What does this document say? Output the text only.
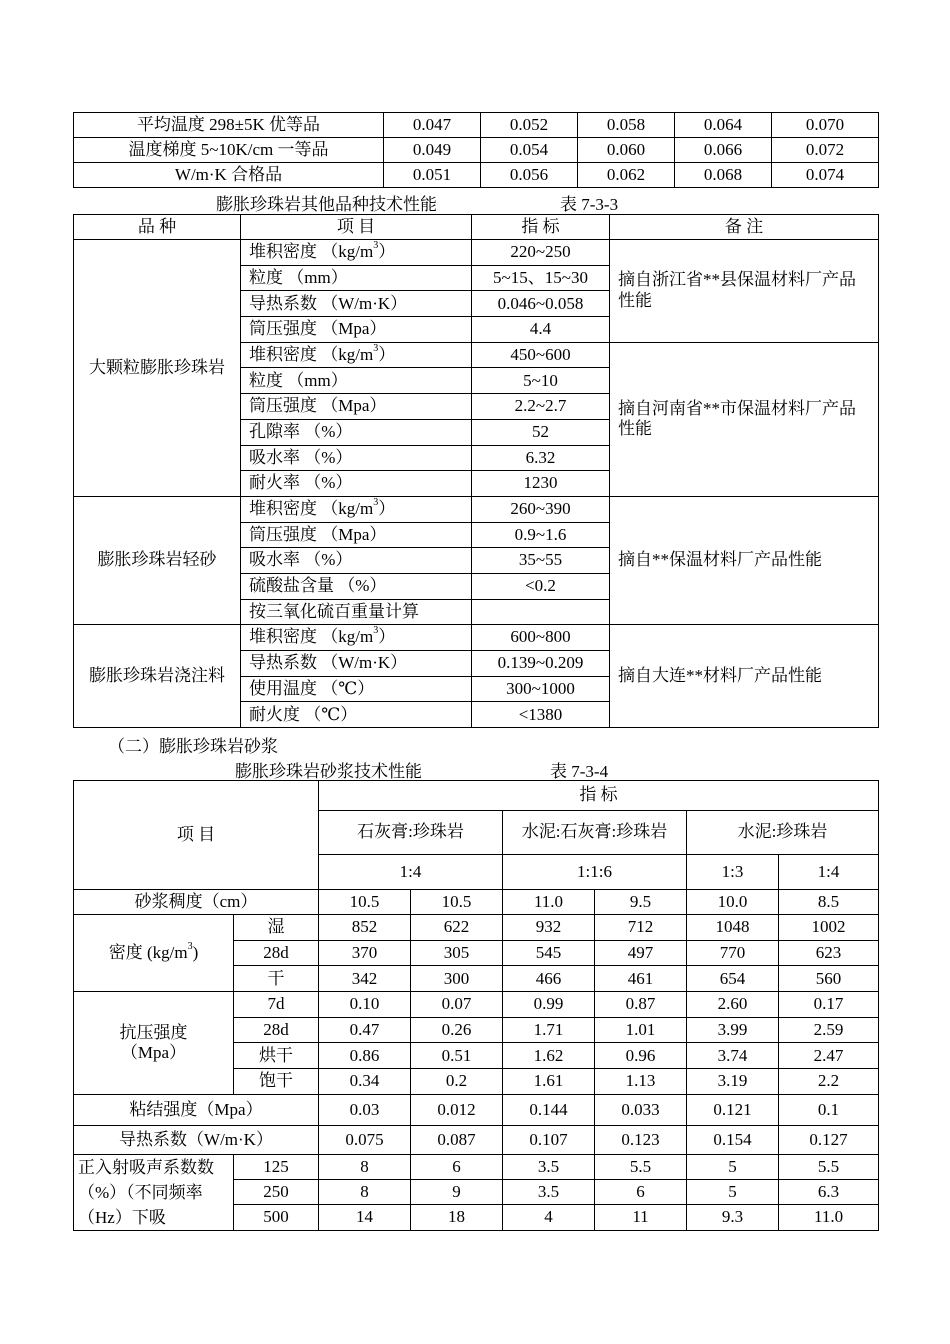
平均温度 298±5K 优等品	0.047	0.052	0.058	0.064	0.070
温度梯度 5~10K/cm 一等品	0.049	0.054	0.060	0.066	0.072
W/m·K 合格品	0.051	0.056	0.062	0.068	0.074
膨胀珍珠岩其他品种技术性能	表 7-3-3
品 种	项 目	指 标	备 注
大颗粒膨胀珍珠岩	堆积密度 $(kg/m^3)$	220~250	摘自浙江省**县保温材料厂产品性能
	粒度 （mm）	5~15、15~30	
	导热系数 （W/m·K）	0.046~0.058	
	筒压强度 （Mpa）	4.4	
	堆积密度 $(kg/m^3)$	450~600	摘自河南省**市保温材料厂产品性能
	粒度 （mm）	5~10	
	筒压强度 （Mpa）	2.2~2.7	
	孔隙率 （%）	52	
	吸水率 （%）	6.32	
	耐火率 （%）	1230	
膨胀珍珠岩轻砂	堆积密度 $(kg/m^3)$	260~390	摘自**保温材料厂产品性能
	筒压强度 （Mpa）	0.9~1.6	
	吸水率 （%）	35~55	
	硫酸盐含量 （%）	<0.2	
	按三氧化硫百重量计算		
膨胀珍珠岩浇注料	堆积密度 $(kg/m^3)$	600~800	摘自大连**材料厂产品性能
	导热系数 （W/m·K）	0.139~0.209	
	使用温度 （℃）	300~1000	
	耐火度 （℃）	<1380	
（二）膨胀珍珠岩砂浆
膨胀珍珠岩砂浆技术性能	表 7-3-4
项 目		指 标					
		石灰膏:珍珠岩		水泥:石灰膏:珍珠岩		水泥:珍珠岩	
		1:4		1:1:6		1:3	1:4
砂浆稠度（cm）		10.5	10.5	11.0	9.5	10.0	8.5
密度 $(kg/m^3)$	湿	852	622	932	712	1048	1002
	28d	370	305	545	497	770	623
	干	342	300	466	461	654	560
抗压强度（Mpa）	7d	0.10	0.07	0.99	0.87	2.60	0.17
	28d	0.47	0.26	1.71	1.01	3.99	2.59
	烘干	0.86	0.51	1.62	0.96	3.74	2.47
	饱干	0.34	0.2	1.61	1.13	3.19	2.2
粘结强度（Mpa）		0.03	0.012	0.144	0.033	0.121	0.1
导热系数（W/m·K）		0.075	0.087	0.107	0.123	0.154	0.127
正入射吸声系数数（%）（不同频率（Hz）下吸	125	8	6	3.5	5.5	5	5.5
	250	8	9	3.5	6	5	6.3
	500	14	18	4	11	9.3	11.0
